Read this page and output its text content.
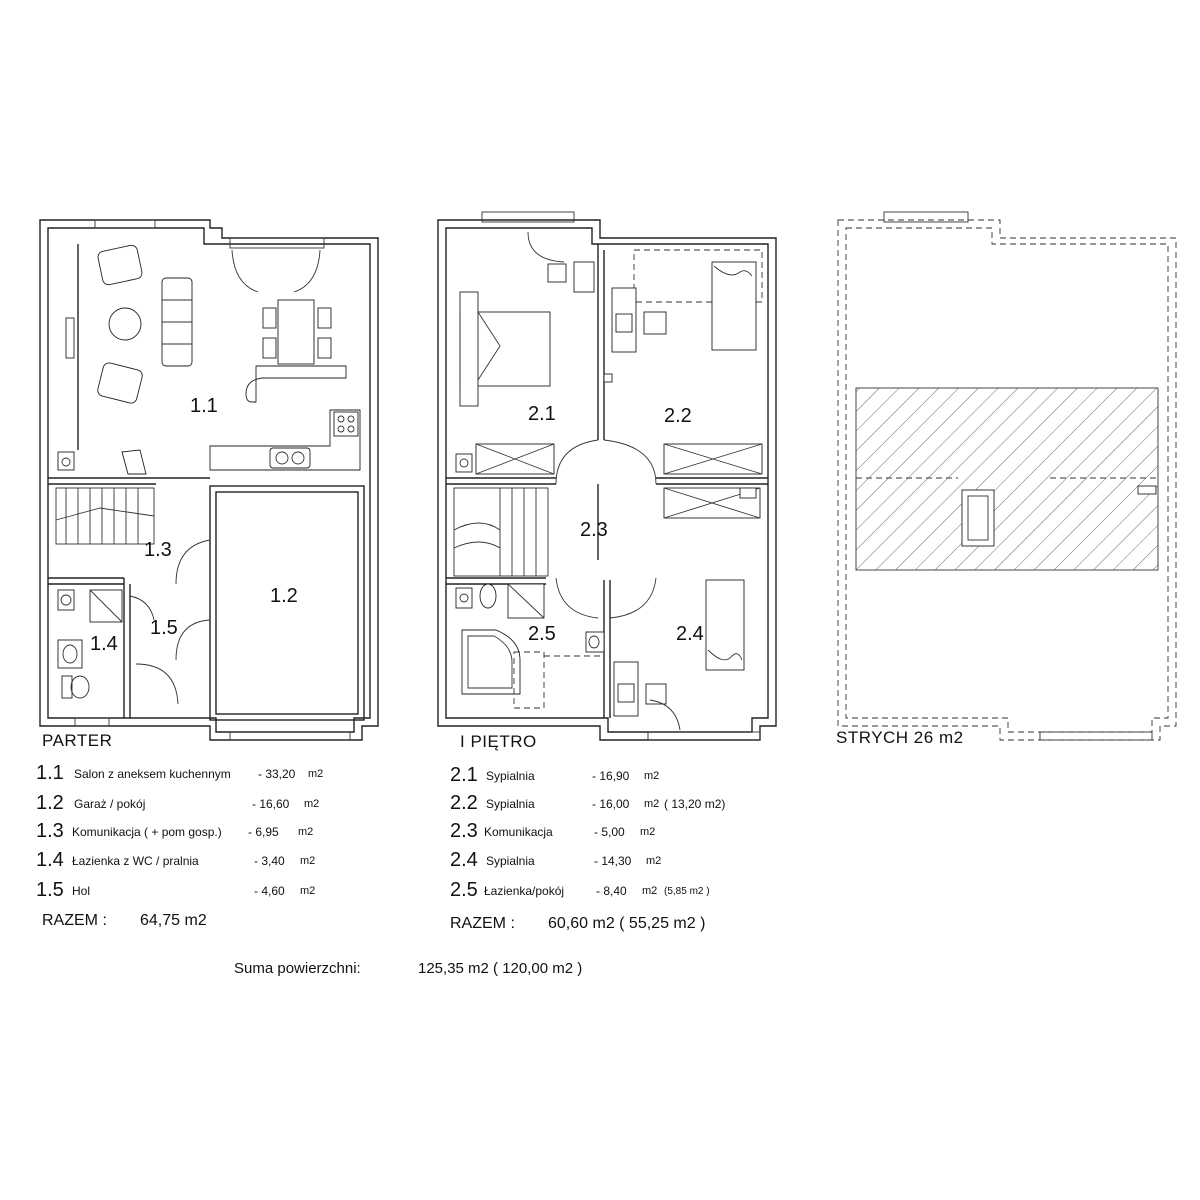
1.1
1.2
1.3
1.4
1.5
2.1	2.2
2.3
2.4
2.5
PARTER
1.1 Salon z aneksem kuchennym - 33,20 m2
1.2 Garaż / pokój	- 16,60 m2
1.3 Komunikacja ( + pom gosp.) - 6,95 m2
1.4 Łazienka z WC / pralnia	- 3,40 m2
1.5 Hol	- 4,60 m2
RAZEM : 64,75 m2
I PIĘTRO
2.1 Sypialnia	- 16,90 m2
2.2 Sypialnia	- 16,00 m2 ( 13,20 m2)
2.3 Komunikacja	- 5,00 m2
2.4 Sypialnia	- 14,30 m2
2.5 Łazienka/pokój	- 8,40 m2 (5,85 m2 )
RAZEM : 60,60 m2 ( 55,25 m2 )
STRYCH 26 m2
Suma powierzchni:	125,35 m2 ( 120,00 m2 )
